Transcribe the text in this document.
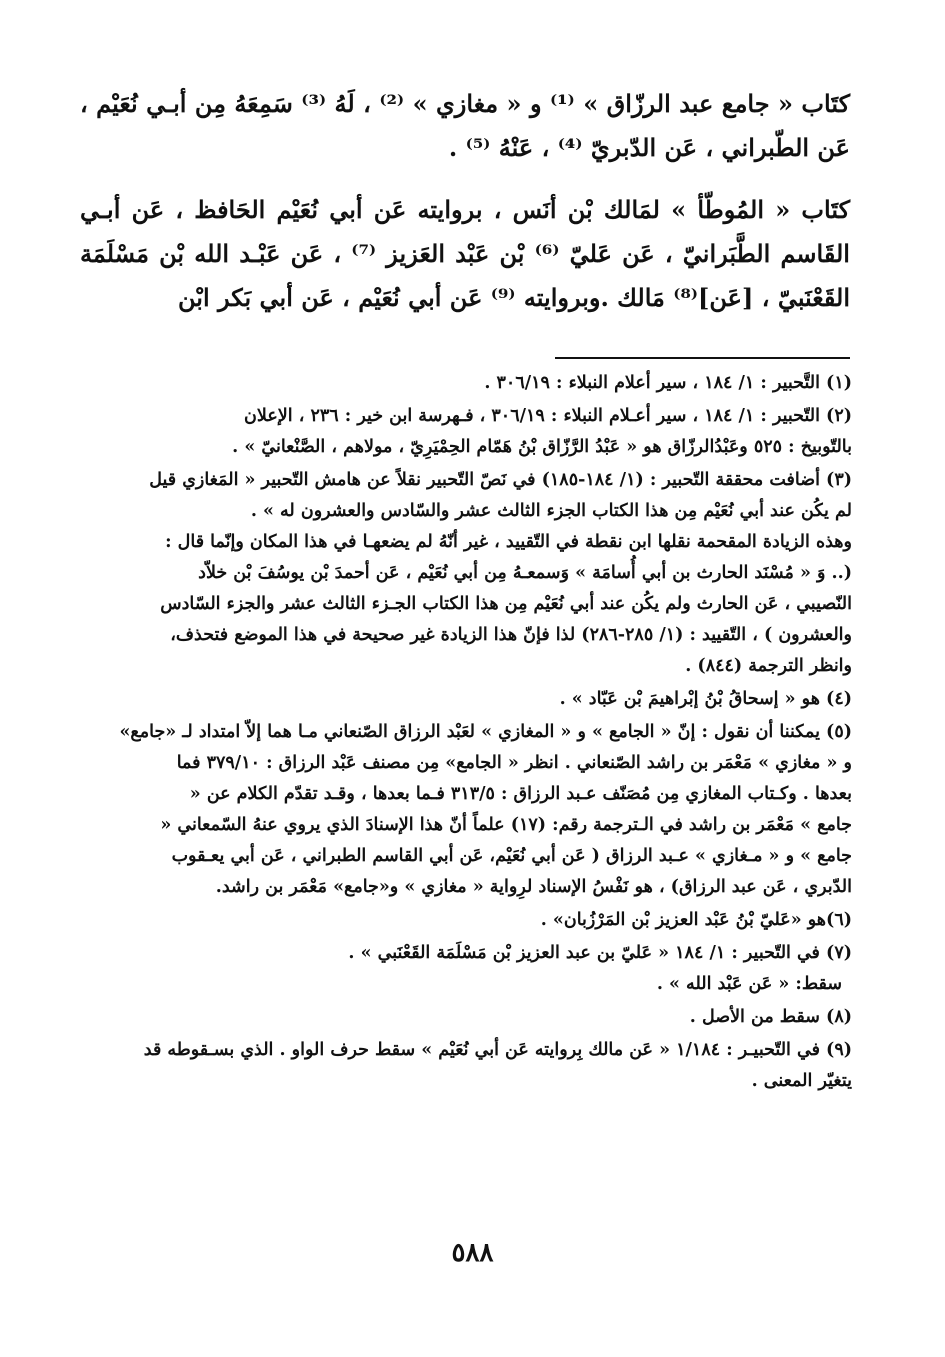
كتَاب « جامع عبد الرزّاق » ⁽¹⁾ و « مغازي » ⁽²⁾ ، لَهُ ⁽³⁾ سَمِعَهُ مِن أبـي نُعَيْم ، عَن الطّبراني ، عَن الدّبريّ ⁽⁴⁾ ، عَنْهُ ⁽⁵⁾ .

كتَاب « المُوطّأ » لمَالك بْن أنَس ، بروايته عَن أبي نُعَيْم الحَافظ ، عَن أبـي القَاسم الطَّبَرانيّ ، عَن عَليّ ⁽⁶⁾ بْن عَبْد العَزيز ⁽⁷⁾ ، عَن عَبْـد الله بْن مَسْلَمَة القَعْنَبيّ ، [عَن]⁽⁸⁾ مَالك .وبروايته ⁽⁹⁾ عَن أبي نُعَيْم ، عَن أبي بَكر ابْن

(١) التَّحبير : ١/ ١٨٤ ، سير أعلام النبلاء : ٣٠٦/١٩ .
(٢) التّحبير : ١/ ١٨٤ ، سير أعـلام النبلاء : ٣٠٦/١٩ ، فـهرسة ابن خير : ٢٣٦ ، الإعلان
بالتّوبيخ : ٥٢٥ وعَبْدُالرزّاق هو « عَبْدُ الرَّزّاق بْنُ هَمّام الحِمْيَرِيّ ، مولاهم ، الصَّنْعانيّ » .
(٣) أضافت محققة التّحبير : (١/ ١٨٤-١٨٥) في نَصّ التّحبير نقلاً عن هامش التّحبير « المَغازي قيل
لم يكُن عند أبي نُعَيْم مِن هذا الكتاب الجزء الثالث عشر والسّادس والعشرون له » .
وهذه الزيادة المقحمة نقلها ابن نقطة في التّقييد ، غير أنّهُ لم يضعهـا في هذا المكان وإنّما قال :
(.. وَ « مُسْنَد الحارث بن أبي أُسامَة » وَسمعـهُ مِن أبي نُعَيْم ، عَن أحمدَ بْن يوسُفَ بْن خلاّد
النّصيبي ، عَن الحارث ولم يكُن عند أبي نُعَيْم مِن هذا الكتاب الجـزء الثالث عشر والجزء السّادس
والعشرون ) ، التّقييد : (١/ ٢٨٥-٢٨٦) لذا فإنّ هذا الزيادة غير صحيحة في هذا الموضع فتحذف،
وانظر الترجمة (٨٤٤) .
(٤) هو « إسحاقُ بْنُ إبْراهيمَ بْن عَبّاد » .
(٥) يمكننا أن نقول : إنّ « الجامع » و « المغازي » لعَبْد الرزاق الصّنعاني مـا هما إلاّ امتداد لـ «جامع»
و « مغازي » مَعْمَر بن راشد الصّنعاني . انظر « الجامع» مِن مصنف عَبْد الرزاق : ٣٧٩/١٠ فما
بعدها . وكـتاب المغازي مِن مُصَنّف عـبد الرزاق : ٣١٣/٥ فـما بعدها ، وقـد تقدّم الكلام عن «
جامع » مَعْمَر بن راشد في الـترجمة رقم: (١٧) علماً أنّ هذا الإسنادَ الذي يروي عنهُ السّمعاني «
جامع » و « مـغازي » عـبد الرزاق ( عَن أبي نُعَيْم، عَن أبي القاسم الطبراني ، عَن أبي يعـقوب
الدّبري ، عَن عبد الرزاق) ، هو نَفْسُ الإسناد لرِواية « مغازي » و«جامع» مَعْمَر بن راشد.
(٦)هو «عَليّ بْنُ عَبْد العزيز بْن المَرْزُبان» .
(٧) في التّحبير : ١/ ١٨٤ « عَليّ بن عبد العزيز بْن مَسْلَمَة القَعْنَبي » .
سقط: « عَن عَبْد الله » .
(٨) سقط من الأصل .
(٩) في التّحبيـر : ١/١٨٤ « عَن مالك بِروايته عَن أبي نُعَيْم » سقط حرف الواو . الذي بسـقوطه قد
يتغيّر المعنى .
٥٨٨
